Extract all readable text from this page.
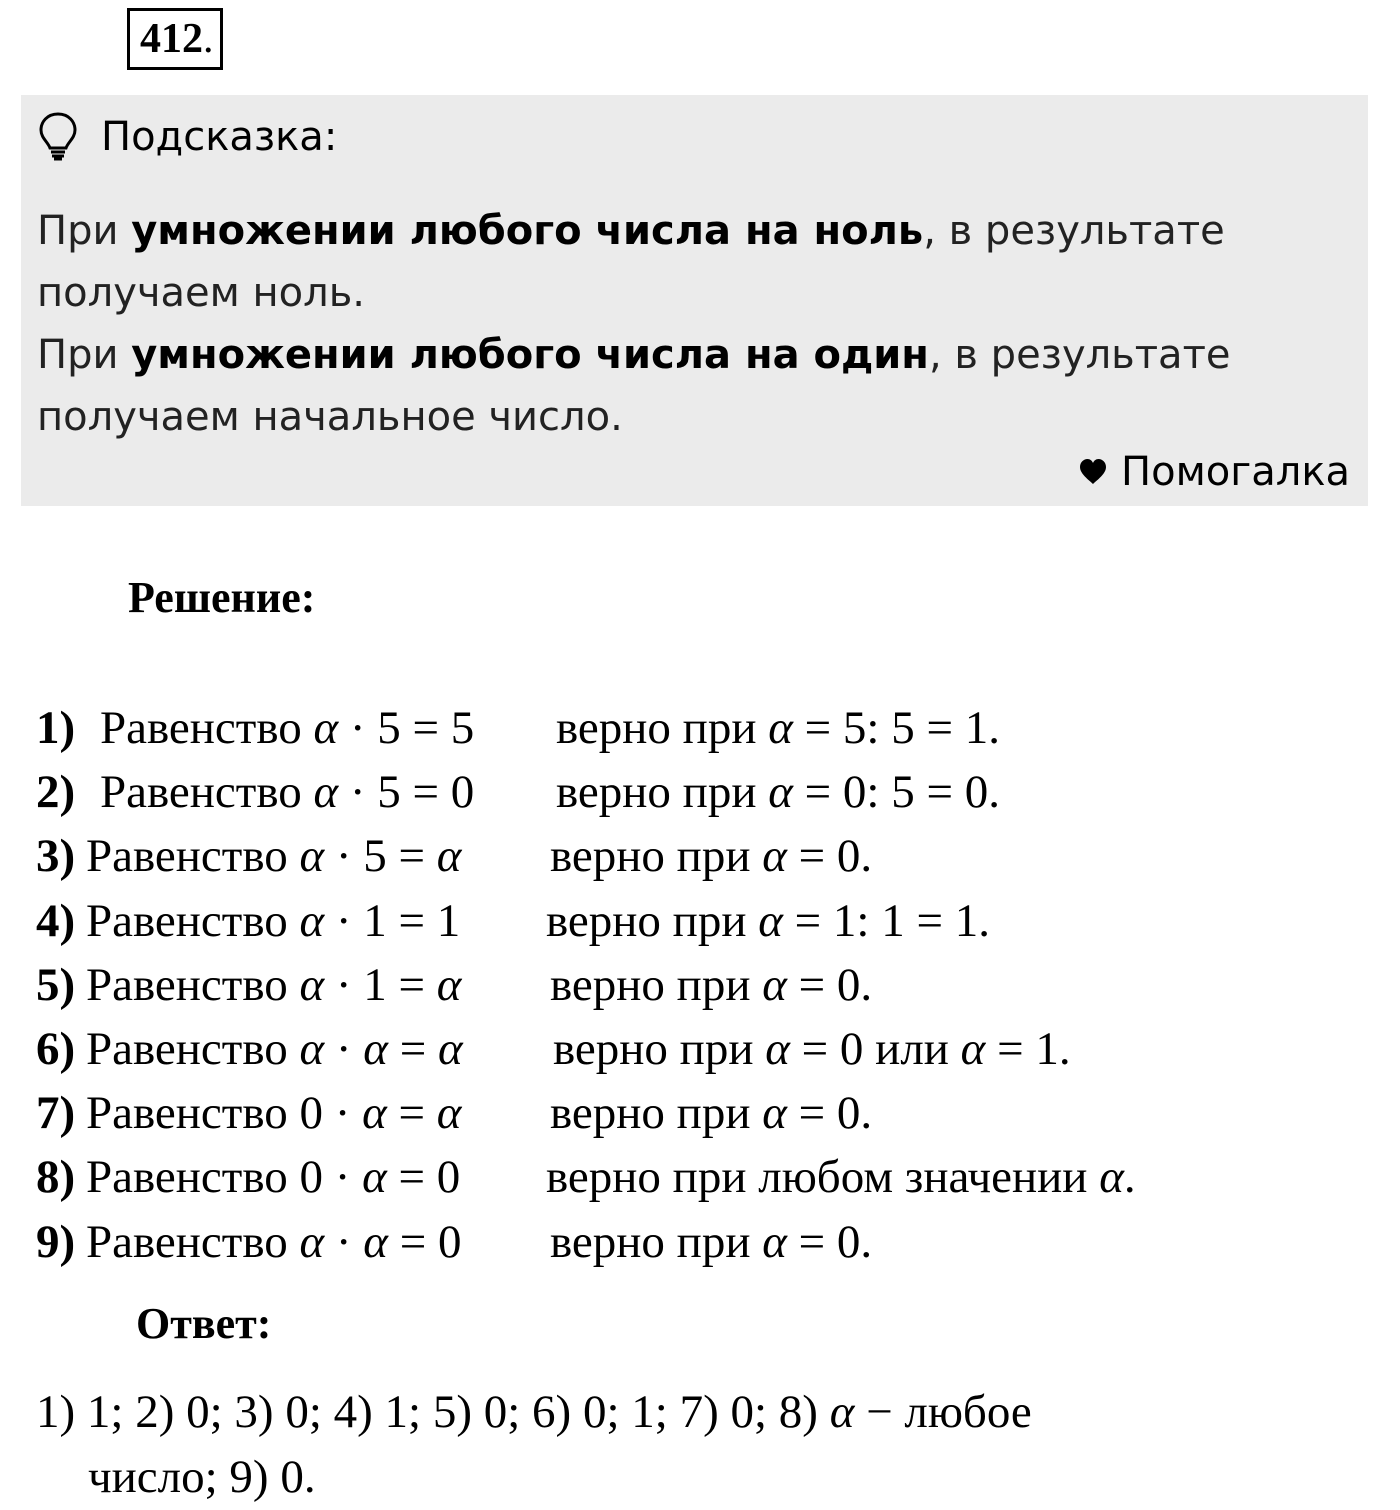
412.
Подсказка:
При умножении любого числа на ноль, в результате получаем ноль.
При умножении любого числа на один, в результате получаем начальное число.
Помогалка
Решение:
1) Равенство α · 5 = 5	верно при α = 5: 5 = 1.
2) Равенство α · 5 = 0	верно при α = 0: 5 = 0.
3) Равенство α · 5 = α	верно при α = 0.
4) Равенство α · 1 = 1	верно при α = 1: 1 = 1.
5) Равенство α · 1 = α	верно при α = 0.
6) Равенство α · α = α	верно при α = 0 или α = 1.
7) Равенство 0 · α = α	верно при α = 0.
8) Равенство 0 · α = 0	верно при любом значении α.
9) Равенство α · α = 0	верно при α = 0.
Ответ:
1) 1; 2) 0; 3) 0; 4) 1; 5) 0; 6) 0; 1; 7) 0; 8) α − любое
число; 9) 0.
